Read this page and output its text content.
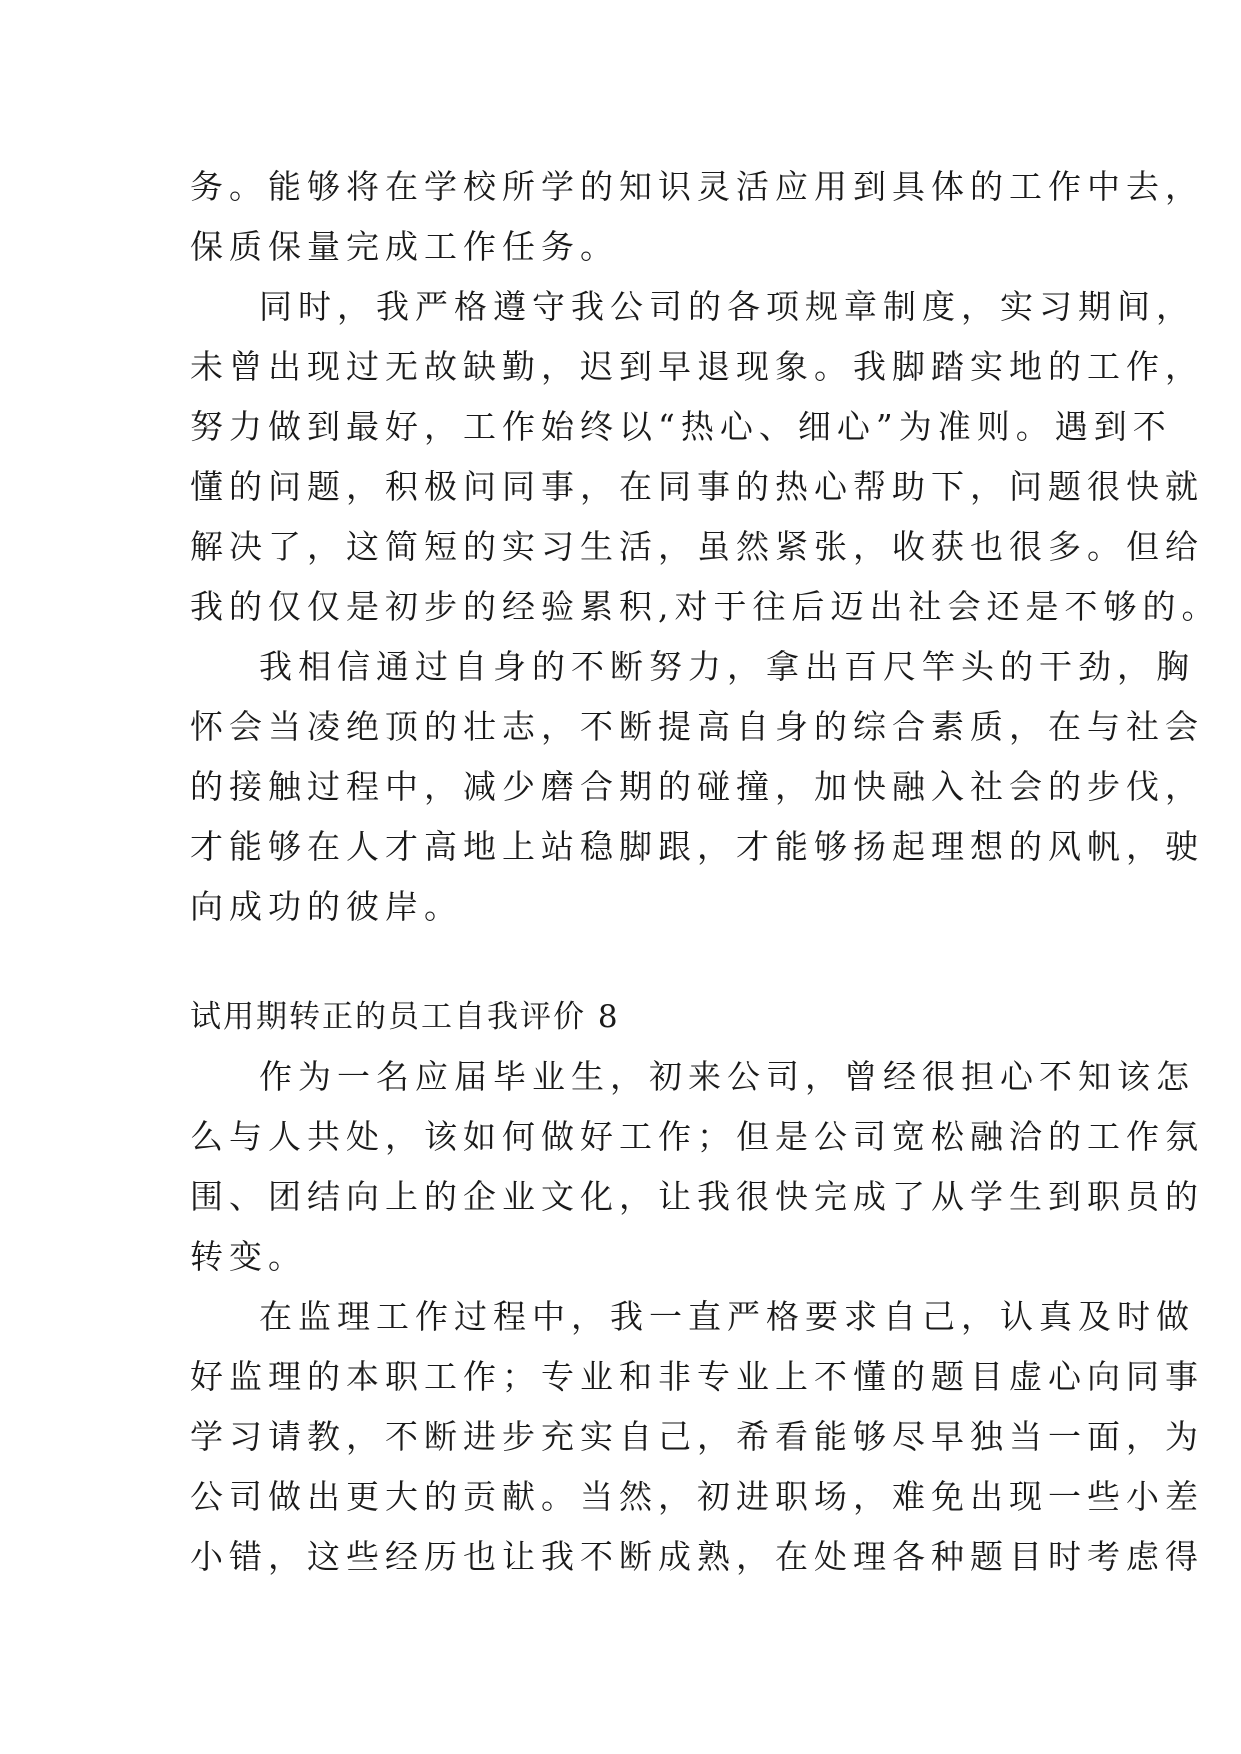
务。能够将在学校所学的知识灵活应用到具体的工作中去，
保质保量完成工作任务。
同时，我严格遵守我公司的各项规章制度，实习期间，
未曾出现过无故缺勤，迟到早退现象。我脚踏实地的工作，
努力做到最好，工作始终以“热心、细心”为准则。遇到不
懂的问题，积极问同事，在同事的热心帮助下，问题很快就
解决了，这简短的实习生活，虽然紧张，收获也很多。但给
我的仅仅是初步的经验累积,对于往后迈出社会还是不够的。
我相信通过自身的不断努力，拿出百尺竿头的干劲，胸
怀会当凌绝顶的壮志，不断提高自身的综合素质，在与社会
的接触过程中，减少磨合期的碰撞，加快融入社会的步伐，
才能够在人才高地上站稳脚跟，才能够扬起理想的风帆，驶
向成功的彼岸。
试用期转正的员工自我评价 8
作为一名应届毕业生，初来公司，曾经很担心不知该怎
么与人共处，该如何做好工作；但是公司宽松融洽的工作氛
围、团结向上的企业文化，让我很快完成了从学生到职员的
转变。
在监理工作过程中，我一直严格要求自己，认真及时做
好监理的本职工作；专业和非专业上不懂的题目虚心向同事
学习请教，不断进步充实自己，希看能够尽早独当一面，为
公司做出更大的贡献。当然，初进职场，难免出现一些小差
小错，这些经历也让我不断成熟，在处理各种题目时考虑得
